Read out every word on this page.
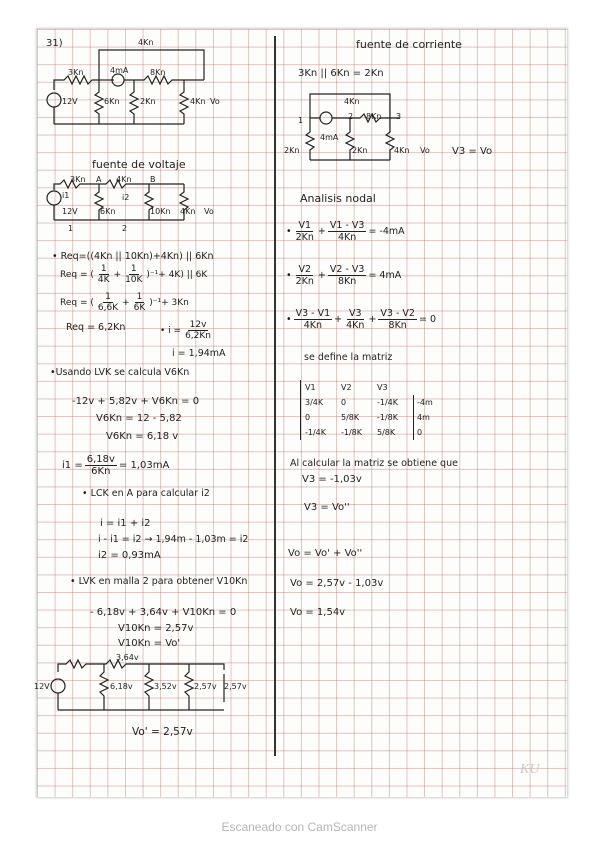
31)	4Kn
3Kn	4mA	8Kn
12V	6Kn	2Kn	4Kn Vo
fuente de voltaje
3Kn A 4Kn B
i1	i2
12V	6Kn	10Kn 4Kn Vo
1	2
• Req=((4Kn || 10Kn)+4Kn) || 6Kn
Req = (
1
4K
+ $\frac{1}{10K} )^{-1}+ 4K$) || 6K
Req = (
1
6,6K
+ $\frac{1}{6K} )^{-1}+ 3Kn$
Req = 6,2Kn	• $i = \frac{12v}{6,2Kn}$
i = 1,94mA
•Usando LVK se calcula V6Kn
-12v + 5,82v + V6Kn = 0
V6Kn = 12 - 5,82
V6Kn = 6,18 v
$i1 = \frac{6,18v}{6Kn} = 1,03mA$
• LCK en A para calcular i2
i = i1 + i2
i - i1 = i2 → 1,94m - 1,03m = i2
i2 = 0,93mA
• LVK en malla 2 para obtener V10Kn
- 6,18v + 3,64v + V10Kn = 0
V10Kn = 2,57v
V10Kn = Vo'
3,64v
12V	6,18v	3,52v 2,57v 2,57v
Vo' = 2,57v
fuente de corriente
3Kn || 6Kn = 2Kn
4Kn
1	2 8Kn 3
4mA
2Kn	2Kn	4Kn Vo V3 = Vo
Analisis nodal
• $\frac{V1}{2Kn} + \frac{V1 - V3}{4Kn} = -4mA$
• $\frac{V2}{2Kn} + \frac{V2 - V3}{8Kn} = 4mA$
• $\frac{V3 - V1}{4Kn} + \frac{V3}{4Kn} + \frac{V3 - V2}{8Kn} = 0$
se define la matriz
V1	V2	V3
3/4K	0	-1/4K	-4m
0	5/8K	-1/8K	4m
-1/4K	-1/8K	5/8K	0
Al calcular la matriz se obtiene que
V3 = -1,03v
V3 = Vo''
Vo = Vo' + Vo''
Vo = 2,57v - 1,03v
Vo = 1,54v
KU
Escaneado con CamScanner
